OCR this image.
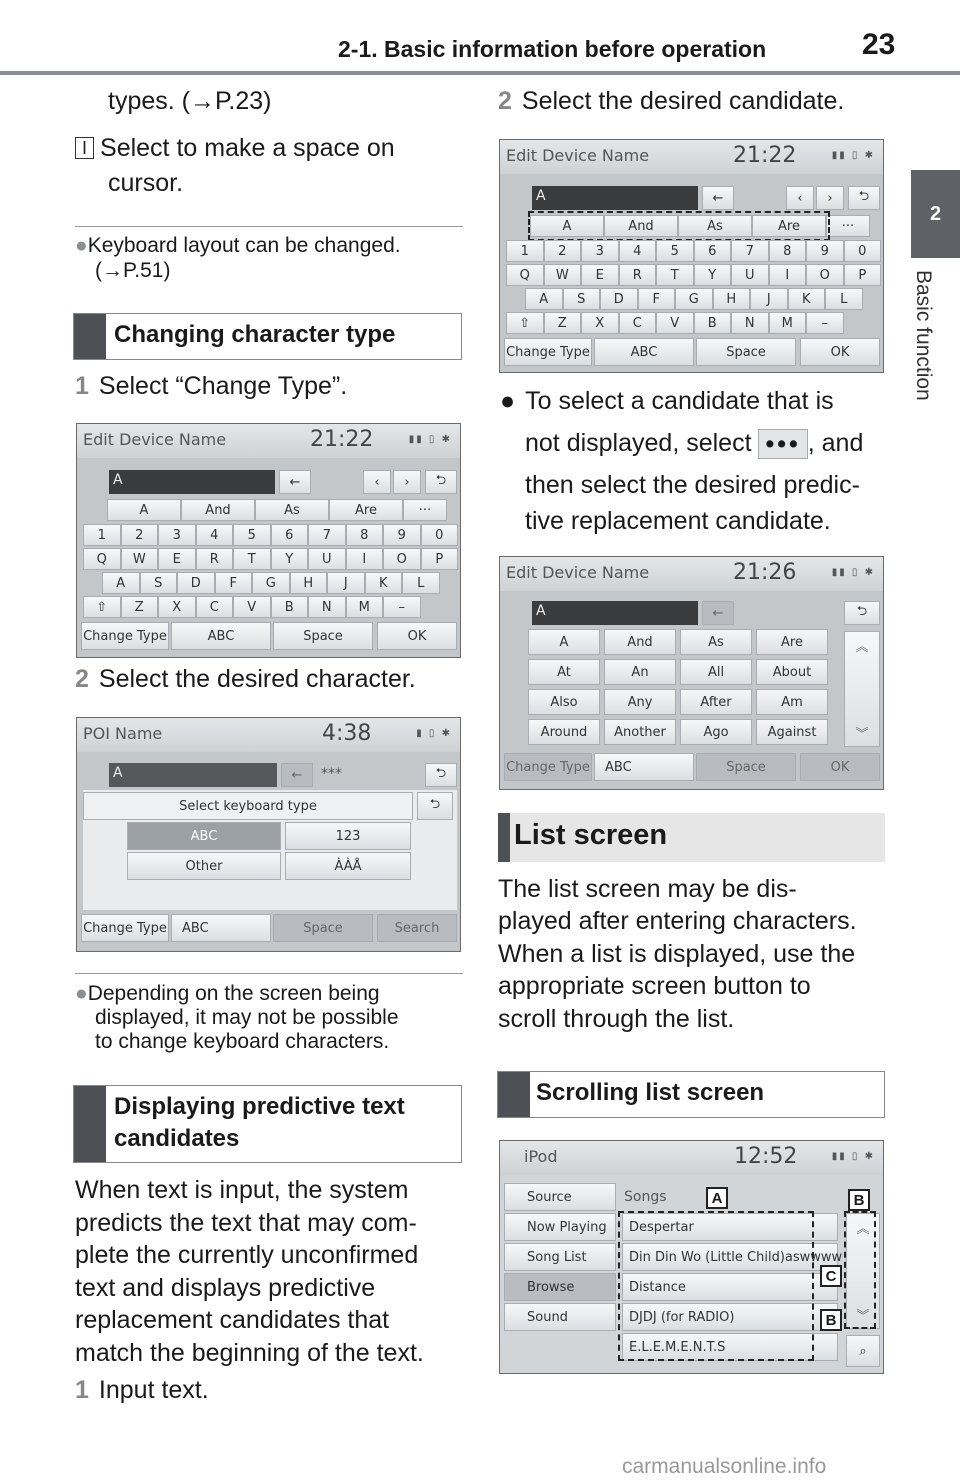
2-1. Basic information before operation	23
2
Basic function
types. (→P.23)
I Select to make a space on
cursor.
●Keyboard layout can be changed.
(→P.51)
Changing character type
1 Select “Change Type”.
Edit Device Name	21:22	▮▮ ▯ ✱
A	←	‹	›	⮌
A	And	As	Are	···
1	2	3	4	5	6	7	8	9	0
Q	W	E	R	T	Y	U	I	O	P
A	S	D	F	G	H	J	K	L
⇧	Z	X	C	V	B	N	M	–
Change Type	ABC	Space	OK
2 Select the desired character.
POI Name	4:38	▮ ▯ ✱
A	←	***	⮌
Select keyboard type	⮌
ABC	123
Other	ÀÀÅ
Change Type	ABC	Space	Search
●Depending on the screen being
displayed, it may not be possible
to change keyboard characters.
Displaying predictive text
candidates
When text is input, the system
predicts the text that may com-
plete the currently unconfirmed
text and displays predictive
replacement candidates that
match the beginning of the text.
1 Input text.
2 Select the desired candidate.
Edit Device Name	21:22	▮▮ ▯ ✱
A	←	‹	›	⮌
A	And	As	Are	···
1	2	3	4	5	6	7	8	9	0
Q	W	E	R	T	Y	U	I	O	P
A	S	D	F	G	H	J	K	L
⇧	Z	X	C	V	B	N	M	–
Change Type	ABC	Space	OK
● To select a candidate that is
not displayed, select ••• , and
then select the desired predic-
tive replacement candidate.
Edit Device Name	21:26	▮▮ ▯ ✱
A	←	⮌
A	And	As	Are
At	An	All	About
Also	Any	After	Am
Around	Another	Ago	Against
︽
︾
Change Type	ABC	Space	OK
List screen
The list screen may be dis-
played after entering characters.
When a list is displayed, use the
appropriate screen button to
scroll through the list.
Scrolling list screen
iPod	12:52	▮▮ ▯ ✱
Source
Now Playing
Song List
Browse
Sound
Songs
Despertar
Din Din Wo (Little Child)aswwww
Distance
DJDJ (for RADIO)
E.L.E.M.E.N.T.S
︽
︾
⌕
A	B
C
B
carmanualsonline.info
